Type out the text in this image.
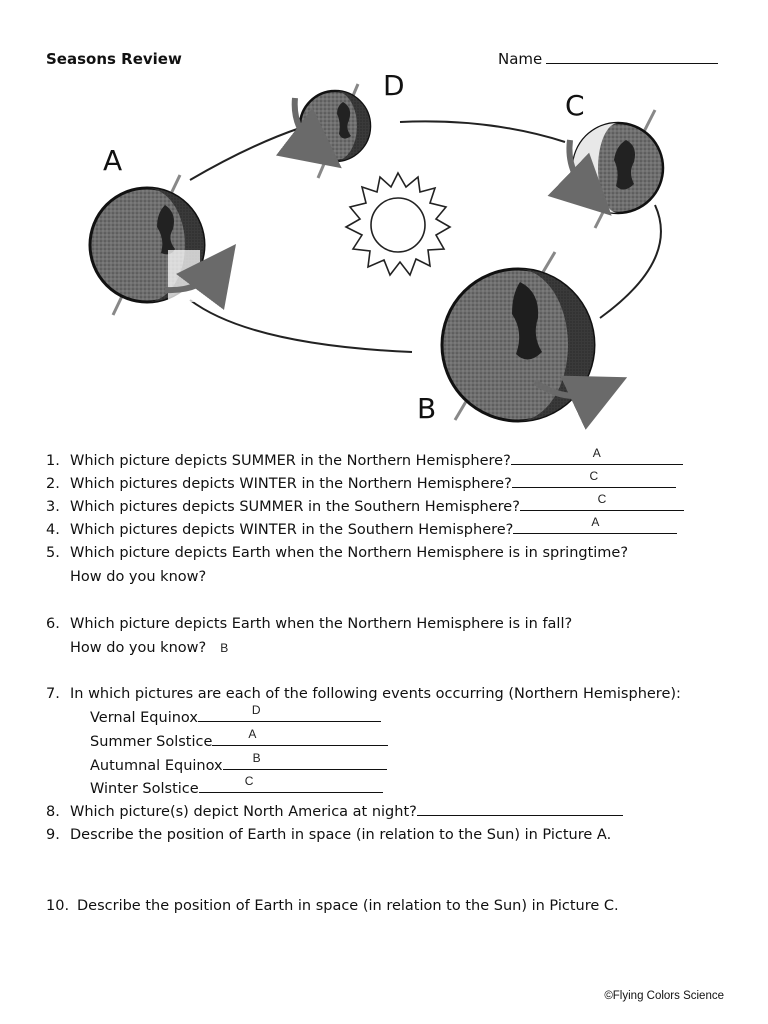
Seasons Review	Name
A
D
C
B
1. Which picture depicts SUMMER in the Northern Hemisphere?	A
2. Which pictures depicts WINTER in the Northern Hemisphere?	C
3. Which pictures depicts SUMMER in the Southern Hemisphere?	C
4. Which pictures depicts WINTER in the Southern Hemisphere?	A
5. Which picture depicts Earth when the Northern Hemisphere is in springtime?
How do you know?
6. Which picture depicts Earth when the Northern Hemisphere is in fall?
How do you know? B
7. In which pictures are each of the following events occurring (Northern Hemisphere):
Vernal Equinox	D
Summer Solstice	A
Autumnal Equinox	B
Winter Solstice	C
8. Which picture(s) depict North America at night?
9. Describe the position of Earth in space (in relation to the Sun) in Picture A.
10. Describe the position of Earth in space (in relation to the Sun) in Picture C.
©Flying Colors Science
